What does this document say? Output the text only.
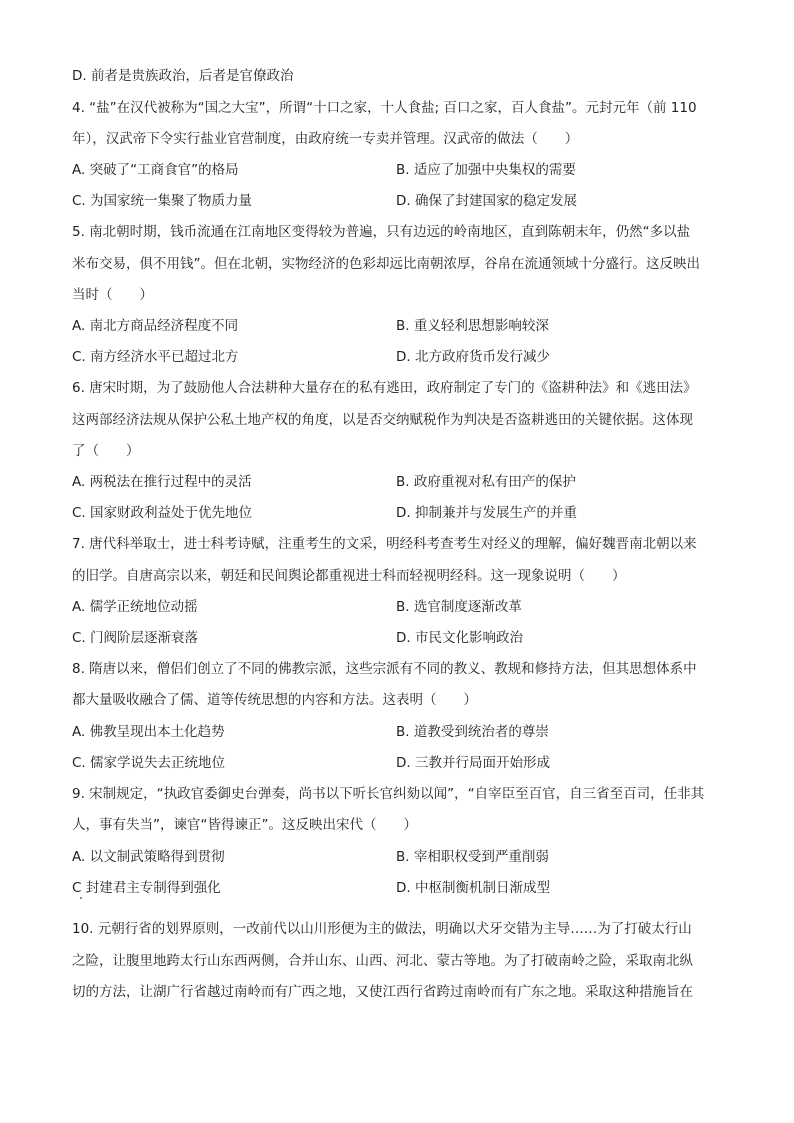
D. 前者是贵族政治，后者是官僚政治
4. “盐”在汉代被称为“国之大宝”，所谓“十口之家，十人食盐; 百口之家，百人食盐”。元封元年（前 110
年），汉武帝下令实行盐业官营制度，由政府统一专卖并管理。汉武帝的做法（　　）
A. 突破了“工商食官”的格局	B. 适应了加强中央集权的需要
C. 为国家统一集聚了物质力量	D. 确保了封建国家的稳定发展
5. 南北朝时期，钱币流通在江南地区变得较为普遍，只有边远的岭南地区，直到陈朝末年，仍然“多以盐
米布交易，俱不用钱”。但在北朝，实物经济的色彩却远比南朝浓厚，谷帛在流通领域十分盛行。这反映出
当时（　　）
A. 南北方商品经济程度不同	B. 重义轻利思想影响较深
C. 南方经济水平已超过北方	D. 北方政府货币发行减少
6. 唐宋时期，为了鼓励他人合法耕种大量存在的私有逃田，政府制定了专门的《盗耕种法》和《逃田法》
这两部经济法规从保护公私土地产权的角度，以是否交纳赋税作为判决是否盗耕逃田的关键依据。这体现
了（　　）
A. 两税法在推行过程中的灵活	B. 政府重视对私有田产的保护
C. 国家财政利益处于优先地位	D. 抑制兼并与发展生产的并重
7. 唐代科举取士，进士科考诗赋，注重考生的文采，明经科考查考生对经义的理解，偏好魏晋南北朝以来
的旧学。自唐高宗以来，朝廷和民间舆论都重视进士科而轻视明经科。这一现象说明（　　）
A. 儒学正统地位动摇	B. 选官制度逐渐改革
C. 门阀阶层逐渐衰落	D. 市民文化影响政治
8. 隋唐以来，僧侣们创立了不同的佛教宗派，这些宗派有不同的教义、教规和修持方法，但其思想体系中
都大量吸收融合了儒、道等传统思想的内容和方法。这表明（　　）
A. 佛教呈现出本土化趋势	B. 道教受到统治者的尊崇
C. 儒家学说失去正统地位	D. 三教并行局面开始形成
9. 宋制规定，“执政官委御史台弹奏，尚书以下听长官纠劾以闻”，“自宰臣至百官，自三省至百司，任非其
人，事有失当”，谏官“皆得谏正”。这反映出宋代（　　）
A. 以文制武策略得到贯彻	B. 宰相职权受到严重削弱
C 封建君主专制得到强化	D. 中枢制衡机制日渐成型
10. 元朝行省的划界原则，一改前代以山川形便为主的做法，明确以犬牙交错为主导……为了打破太行山
之险，让腹里地跨太行山东西两侧，合并山东、山西、河北、蒙古等地。为了打破南岭之险，采取南北纵
切的方法，让湖广行省越过南岭而有广西之地，又使江西行省跨过南岭而有广东之地。采取这种措施旨在
